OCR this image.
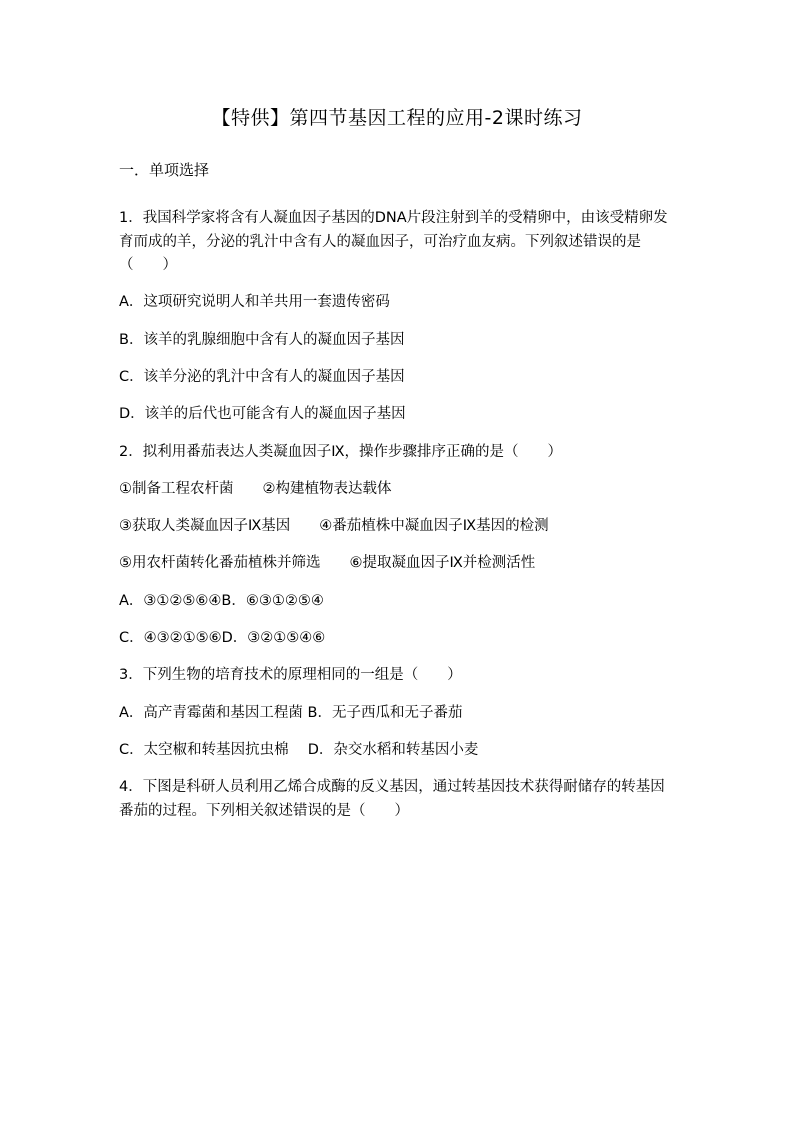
【特供】第四节基因工程的应用-2课时练习
一．单项选择
1．我国科学家将含有人凝血因子基因的DNA片段注射到羊的受精卵中，由该受精卵发
育而成的羊，分泌的乳汁中含有人的凝血因子，可治疗血友病。下列叙述错误的是
（　　）
A．这项研究说明人和羊共用一套遗传密码
B．该羊的乳腺细胞中含有人的凝血因子基因
C．该羊分泌的乳汁中含有人的凝血因子基因
D．该羊的后代也可能含有人的凝血因子基因
2．拟利用番茄表达人类凝血因子Ⅸ，操作步骤排序正确的是（　　）
①制备工程农杆菌　　②构建植物表达载体
③获取人类凝血因子Ⅸ基因　　④番茄植株中凝血因子Ⅸ基因的检测
⑤用农杆菌转化番茄植株并筛选　　⑥提取凝血因子Ⅸ并检测活性
A．③①②⑤⑥④B．⑥③①②⑤④
C．④③②①⑤⑥D．③②①⑤④⑥
3．下列生物的培育技术的原理相同的一组是（　　）
A．高产青霉菌和基因工程菌 B．无子西瓜和无子番茄
C．太空椒和转基因抗虫棉　 D．杂交水稻和转基因小麦
4．下图是科研人员利用乙烯合成酶的反义基因，通过转基因技术获得耐储存的转基因
番茄的过程。下列相关叙述错误的是（　　）
